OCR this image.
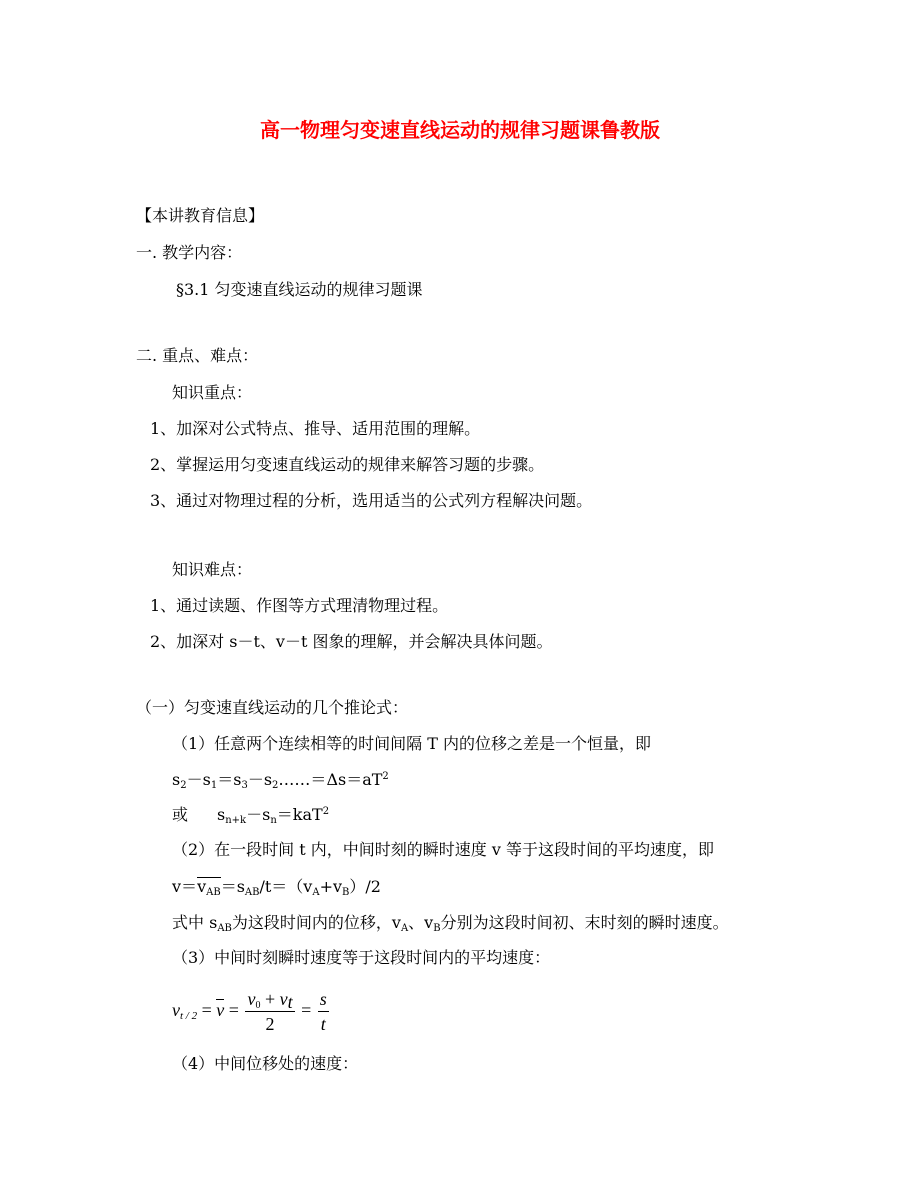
高一物理匀变速直线运动的规律习题课鲁教版
【本讲教育信息】
一. 教学内容：
§3.1 匀变速直线运动的规律习题课
二. 重点、难点：
知识重点：
1、加深对公式特点、推导、适用范围的理解。
2、掌握运用匀变速直线运动的规律来解答习题的步骤。
3、通过对物理过程的分析，选用适当的公式列方程解决问题。
知识难点：
1、通过读题、作图等方式理清物理过程。
2、加深对 s－t、v－t 图象的理解，并会解决具体问题。
（一）匀变速直线运动的几个推论式：
（1）任意两个连续相等的时间间隔 T 内的位移之差是一个恒量，即
$s_2-s_1=s_3-s_2\dots\dots=\Delta s=aT^2$
或 $s_{n+k}-s_n=kaT^2$
（2）在一段时间 t 内，中间时刻的瞬时速度 v 等于这段时间的平均速度，即
$v=v_{AB}=s_{AB}/t=(v_A+v_B)/2$
式中 $s_{AB}$为这段时间内的位移，$v_A$、$v_B$分别为这段时间初、末时刻的瞬时速度。
（3）中间时刻瞬时速度等于这段时间内的平均速度：
$v_{t / 2} = v = \frac{v_0 + v_t}{2} = \frac{s}{t}$
（4）中间位移处的速度：
